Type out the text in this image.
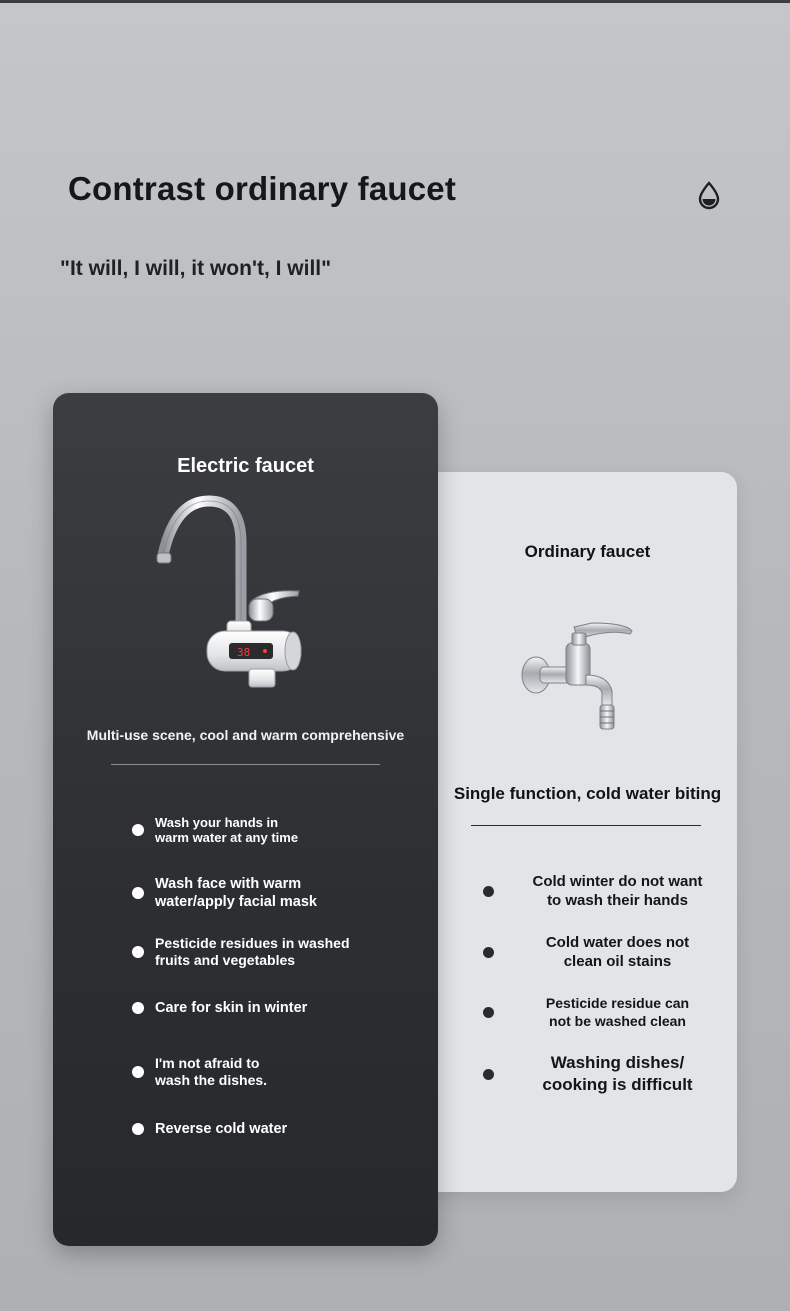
Contrast ordinary faucet

"It will, I will, it won't, I will"

Ordinary faucet
Single function, cold water biting
Cold winter do not want
to wash their hands
Cold water does not
clean oil stains
Pesticide residue can
not be washed clean
Washing dishes/
cooking is difficult
Electric faucet
38
Multi-use scene, cool and warm comprehensive
Wash your hands in
warm water at any time
Wash face with warm
water/apply facial mask
Pesticide residues in washed
fruits and vegetables
Care for skin in winter
I'm not afraid to
wash the dishes.
Reverse cold water
